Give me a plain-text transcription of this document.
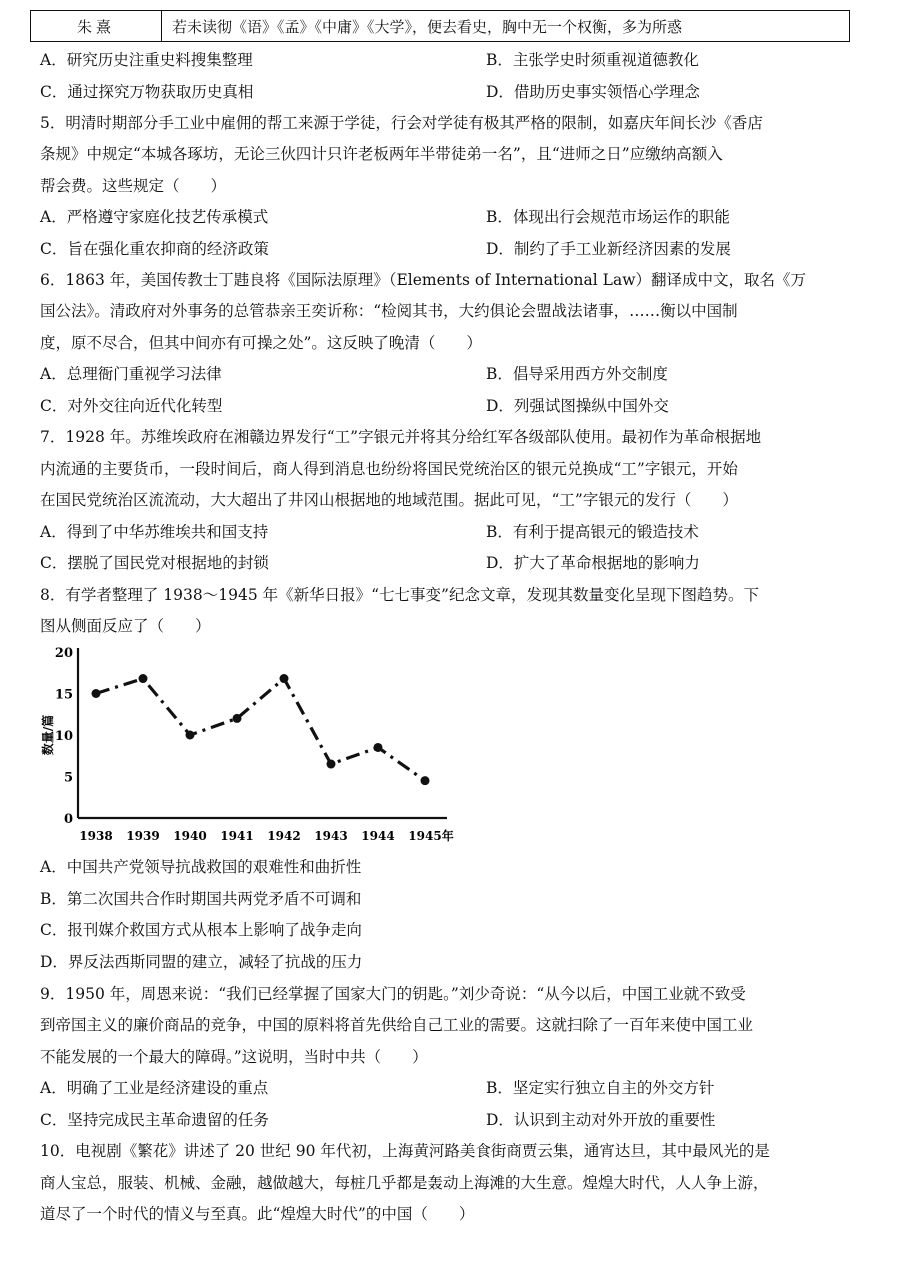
朱熹	若未读彻《语》《孟》《中庸》《大学》，便去看史，胸中无一个权衡，多为所惑
A．研究历史注重史料搜集整理	B．主张学史时须重视道德教化
C．通过探究万物获取历史真相	D．借助历史事实领悟心学理念
5．明清时期部分手工业中雇佣的帮工来源于学徒，行会对学徒有极其严格的限制，如嘉庆年间长沙《香店
条规》中规定“本城各琢坊，无论三伙四计只许老板两年半带徒弟一名”，且“进师之日”应缴纳高额入
帮会费。这些规定（　　）
A．严格遵守家庭化技艺传承模式	B．体现出行会规范市场运作的职能
C．旨在强化重农抑商的经济政策	D．制约了手工业新经济因素的发展
6．1863 年，美国传教士丁韪良将《国际法原理》（Elements of International Law）翻译成中文，取名《万
国公法》。清政府对外事务的总管恭亲王奕䜣称：“检阅其书，大约俱论会盟战法诸事，……衡以中国制
度，原不尽合，但其中间亦有可操之处”。这反映了晚清（　　）
A．总理衙门重视学习法律	B．倡导采用西方外交制度
C．对外交往向近代化转型	D．列强试图操纵中国外交
7．1928 年。苏维埃政府在湘赣边界发行“工”字银元并将其分给红军各级部队使用。最初作为革命根据地
内流通的主要货币，一段时间后，商人得到消息也纷纷将国民党统治区的银元兑换成“工”字银元，开始
在国民党统治区流流动，大大超出了井冈山根据地的地域范围。据此可见，“工”字银元的发行（　　）
A．得到了中华苏维埃共和国支持	B．有利于提高银元的锻造技术
C．摆脱了国民党对根据地的封锁	D．扩大了革命根据地的影响力
8．有学者整理了 1938～1945 年《新华日报》“七七事变”纪念文章，发现其数量变化呈现下图趋势。下
图从侧面反应了（　　）
0
5
10
15
20
1938 1939 1940 1941 1942 1943 1944 1945年
数量/篇
A．中国共产党领导抗战救国的艰难性和曲折性
B．第二次国共合作时期国共两党矛盾不可调和
C．报刊媒介救国方式从根本上影响了战争走向
D．界反法西斯同盟的建立，减轻了抗战的压力
9．1950 年，周恩来说：“我们已经掌握了国家大门的钥匙。”刘少奇说：“从今以后，中国工业就不致受
到帝国主义的廉价商品的竞争，中国的原料将首先供给自己工业的需要。这就扫除了一百年来使中国工业
不能发展的一个最大的障碍。”这说明，当时中共（　　）
A．明确了工业是经济建设的重点	B．坚定实行独立自主的外交方针
C．坚持完成民主革命遗留的任务	D．认识到主动对外开放的重要性
10．电视剧《繁花》讲述了 20 世纪 90 年代初，上海黄河路美食街商贾云集，通宵达旦，其中最风光的是
商人宝总，服装、机械、金融，越做越大，每桩几乎都是轰动上海滩的大生意。煌煌大时代，人人争上游，
道尽了一个时代的情义与至真。此“煌煌大时代”的中国（　　）
